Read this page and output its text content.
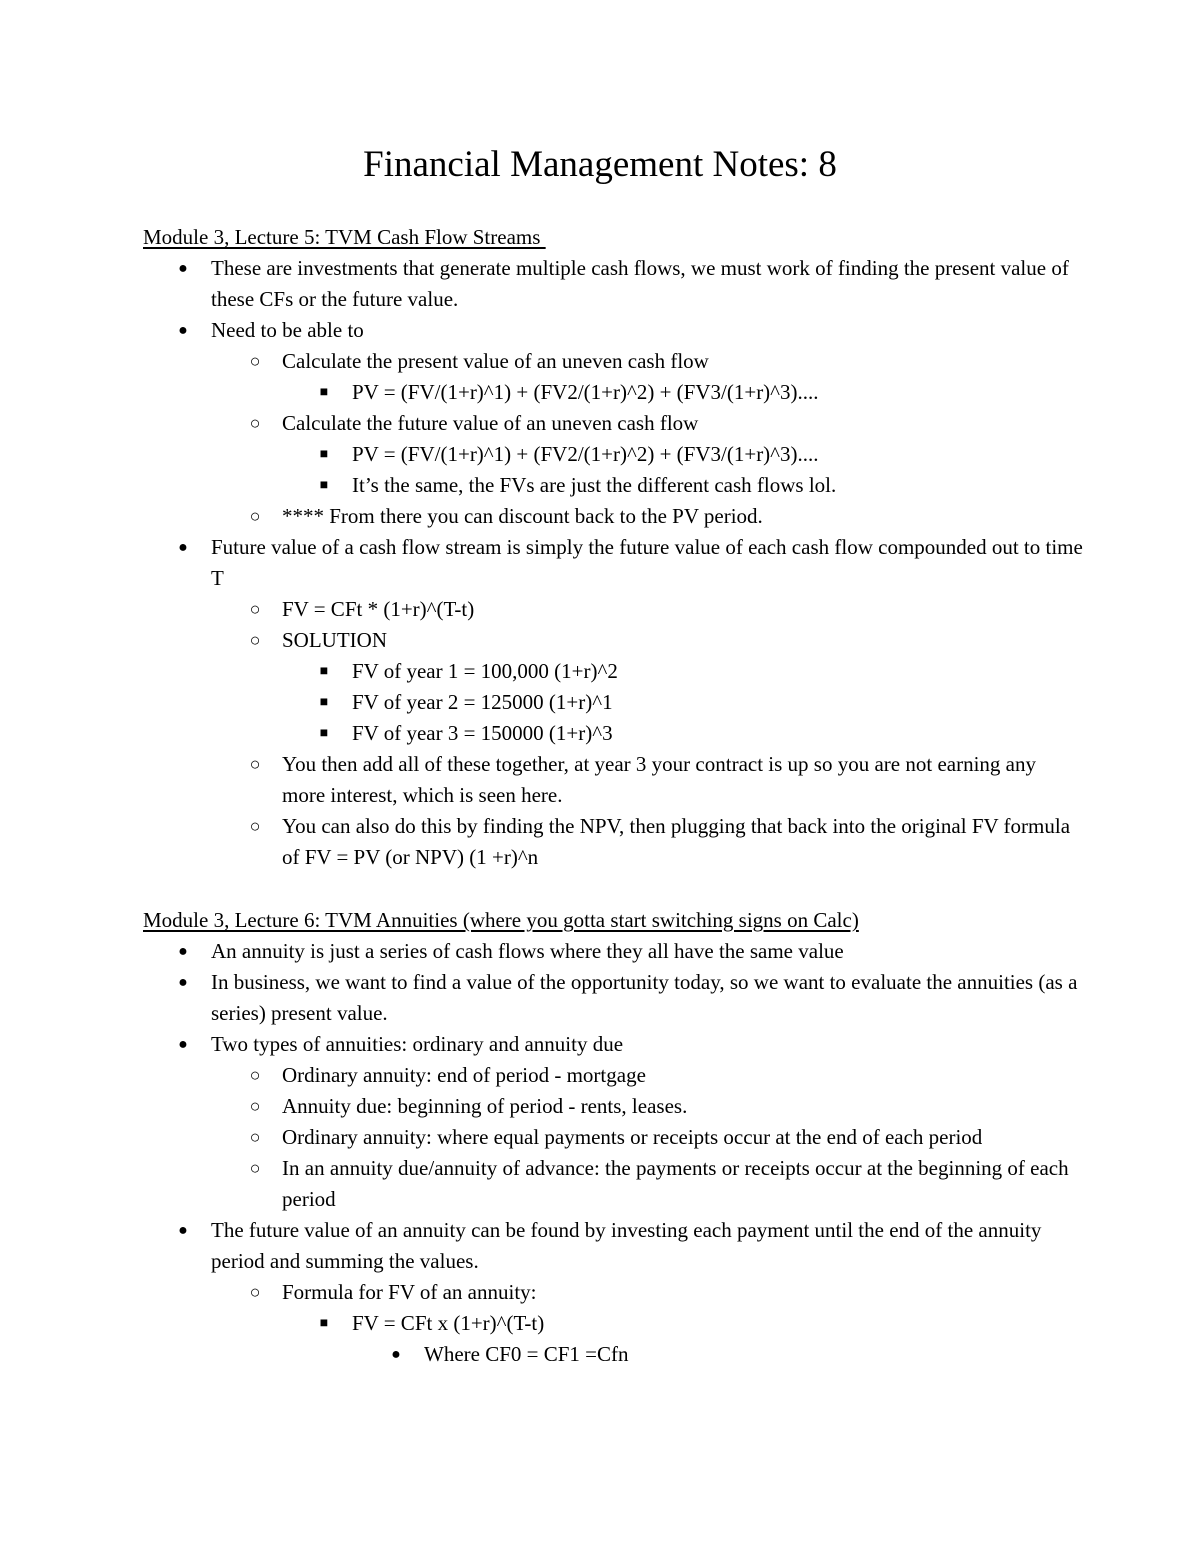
Financial Management Notes: 8
Module 3, Lecture 5: TVM Cash Flow Streams
● These are investments that generate multiple cash flows, we must work of finding the present value of these CFs or the future value.
● Need to be able to
○ Calculate the present value of an uneven cash flow
■ PV = (FV/(1+r)^1) + (FV2/(1+r)^2) + (FV3/(1+r)^3)....
○ Calculate the future value of an uneven cash flow
■ PV = (FV/(1+r)^1) + (FV2/(1+r)^2) + (FV3/(1+r)^3)....
■ It’s the same, the FVs are just the different cash flows lol.
○ **** From there you can discount back to the PV period.
● Future value of a cash flow stream is simply the future value of each cash flow compounded out to time T
○ FV = CFt * (1+r)^(T-t)
○ SOLUTION
■ FV of year 1 = 100,000 (1+r)^2
■ FV of year 2 = 125000 (1+r)^1
■ FV of year 3 = 150000 (1+r)^3
○ You then add all of these together, at year 3 your contract is up so you are not earning any more interest, which is seen here.
○ You can also do this by finding the NPV, then plugging that back into the original FV formula of FV = PV (or NPV) (1 +r)^n
Module 3, Lecture 6: TVM Annuities (where you gotta start switching signs on Calc)
● An annuity is just a series of cash flows where they all have the same value
● In business, we want to find a value of the opportunity today, so we want to evaluate the annuities (as a series) present value.
● Two types of annuities: ordinary and annuity due
○ Ordinary annuity: end of period - mortgage
○ Annuity due: beginning of period - rents, leases.
○ Ordinary annuity: where equal payments or receipts occur at the end of each period
○ In an annuity due/annuity of advance: the payments or receipts occur at the beginning of each period
● The future value of an annuity can be found by investing each payment until the end of the annuity period and summing the values.
○ Formula for FV of an annuity:
■ FV = CFt x (1+r)^(T-t)
● Where CF0 = CF1 =Cfn
